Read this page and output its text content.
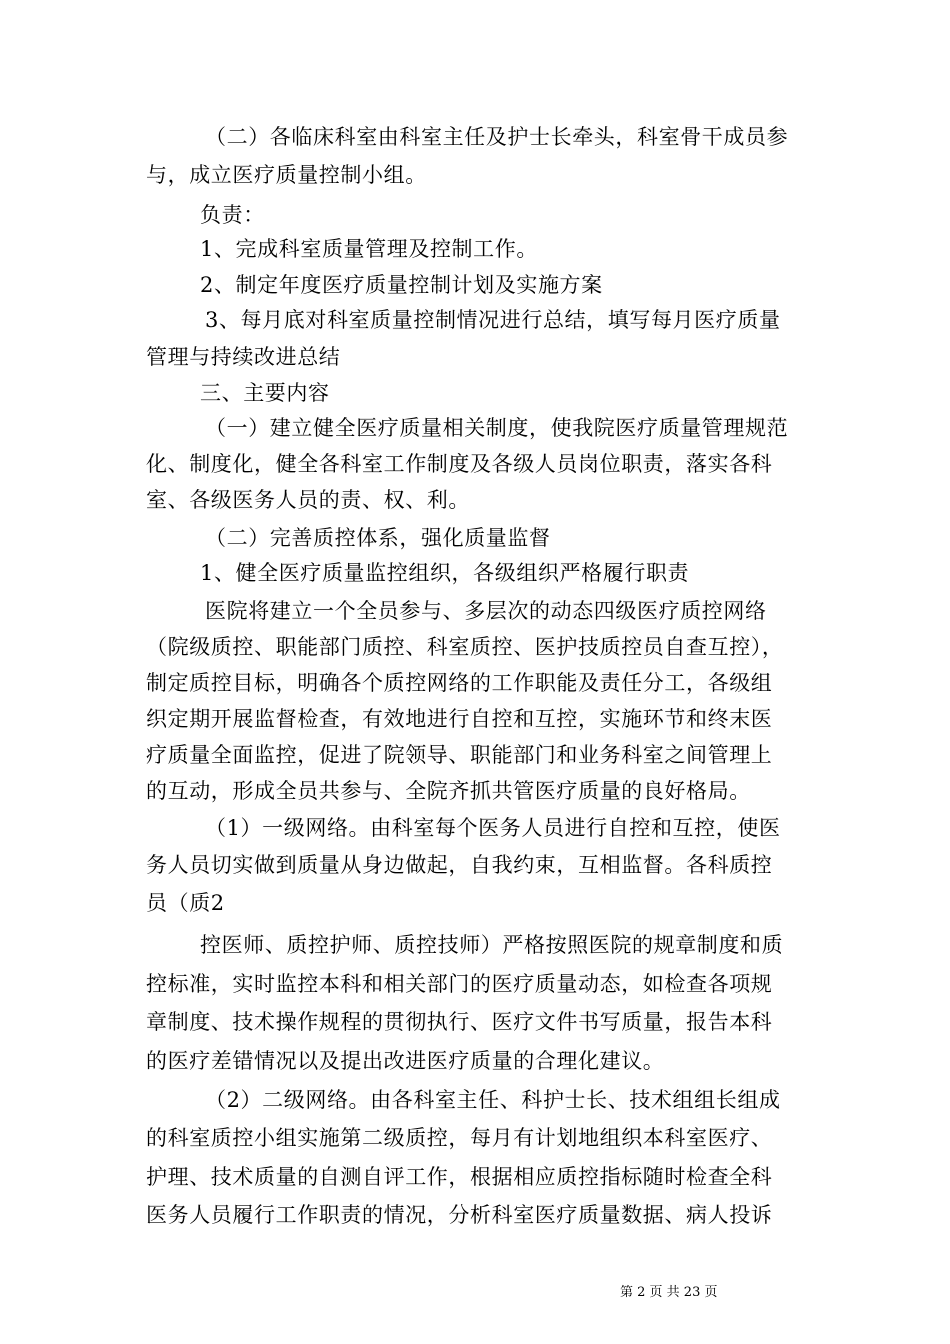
（二）各临床科室由科室主任及护士长牵头，科室骨干成员参
与，成立医疗质量控制小组。
负责：
1、完成科室质量管理及控制工作。
2、制定年度医疗质量控制计划及实施方案
3、每月底对科室质量控制情况进行总结，填写每月医疗质量
管理与持续改进总结
三、主要内容
（一）建立健全医疗质量相关制度，使我院医疗质量管理规范
化、制度化，健全各科室工作制度及各级人员岗位职责，落实各科
室、各级医务人员的责、权、利。
（二）完善质控体系，强化质量监督
1、健全医疗质量监控组织，各级组织严格履行职责
医院将建立一个全员参与、多层次的动态四级医疗质控网络
（院级质控、职能部门质控、科室质控、医护技质控员自查互控），
制定质控目标，明确各个质控网络的工作职能及责任分工，各级组
织定期开展监督检查，有效地进行自控和互控，实施环节和终末医
疗质量全面监控，促进了院领导、职能部门和业务科室之间管理上
的互动，形成全员共参与、全院齐抓共管医疗质量的良好格局。
（1）一级网络。由科室每个医务人员进行自控和互控，使医
务人员切实做到质量从身边做起，自我约束，互相监督。各科质控
员（质2
控医师、质控护师、质控技师）严格按照医院的规章制度和质
控标准，实时监控本科和相关部门的医疗质量动态，如检查各项规
章制度、技术操作规程的贯彻执行、医疗文件书写质量，报告本科
的医疗差错情况以及提出改进医疗质量的合理化建议。
（2）二级网络。由各科室主任、科护士长、技术组组长组成
的科室质控小组实施第二级质控，每月有计划地组织本科室医疗、
护理、技术质量的自测自评工作，根据相应质控指标随时检查全科
医务人员履行工作职责的情况，分析科室医疗质量数据、病人投诉
第 2 页 共 23 页
